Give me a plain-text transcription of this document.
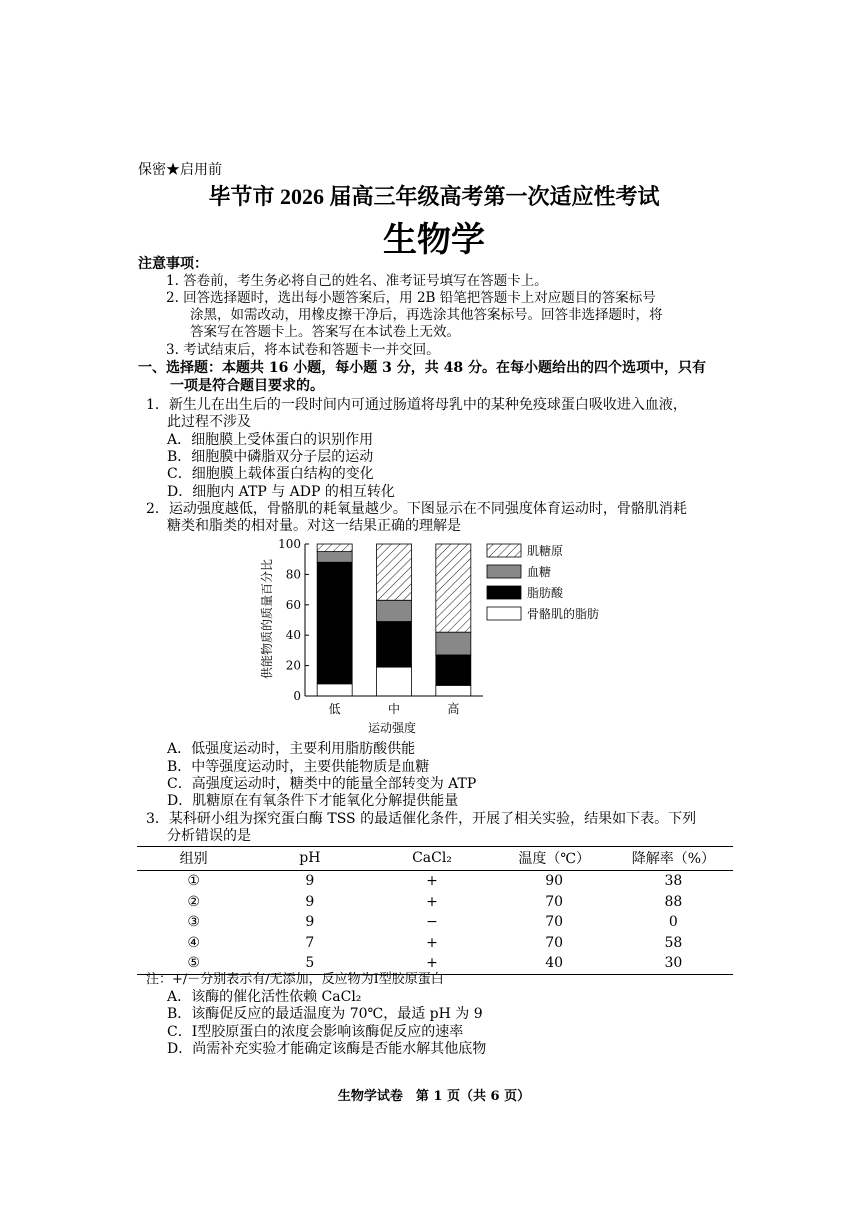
保密★启用前
毕节市 2026 届高三年级高考第一次适应性考试
生物学
注意事项：
1. 答卷前，考生务必将自己的姓名、准考证号填写在答题卡上。
2. 回答选择题时，选出每小题答案后，用 2B 铅笔把答题卡上对应题目的答案标号
涂黑，如需改动，用橡皮擦干净后，再选涂其他答案标号。回答非选择题时，将
答案写在答题卡上。答案写在本试卷上无效。
3. 考试结束后，将本试卷和答题卡一并交回。
一、选择题：本题共 16 小题，每小题 3 分，共 48 分。在每小题给出的四个选项中，只有
一项是符合题目要求的。
1．新生儿在出生后的一段时间内可通过肠道将母乳中的某种免疫球蛋白吸收进入血液，
此过程不涉及
A．细胞膜上受体蛋白的识别作用
B．细胞膜中磷脂双分子层的运动
C．细胞膜上载体蛋白结构的变化
D．细胞内 ATP 与 ADP 的相互转化
2．运动强度越低，骨骼肌的耗氧量越少。下图显示在不同强度体育运动时，骨骼肌消耗
糖类和脂类的相对量。对这一结果正确的理解是
0
20
40
60
80
100
低	中	高
供能物质的质量百分比
运动强度
肌糖原
血糖
脂肪酸
骨骼肌的脂肪
A．低强度运动时，主要利用脂肪酸供能
B．中等强度运动时，主要供能物质是血糖
C．高强度运动时，糖类中的能量全部转变为 ATP
D．肌糖原在有氧条件下才能氧化分解提供能量
3．某科研小组为探究蛋白酶 TSS 的最适催化条件，开展了相关实验，结果如下表。下列
分析错误的是
组别	pH	CaCl₂	温度（℃）	降解率（%）
①	9	+	90	38
②	9	+	70	88
③	9	−	70	0
④	7	+	70	58
⑤	5	+	40	30
注：+/－分别表示有/无添加，反应物为Ⅰ型胶原蛋白
A．该酶的催化活性依赖 CaCl₂
B．该酶促反应的最适温度为 70℃，最适 pH 为 9
C．Ⅰ型胶原蛋白的浓度会影响该酶促反应的速率
D．尚需补充实验才能确定该酶是否能水解其他底物
生物学试卷　第 1 页（共 6 页）
